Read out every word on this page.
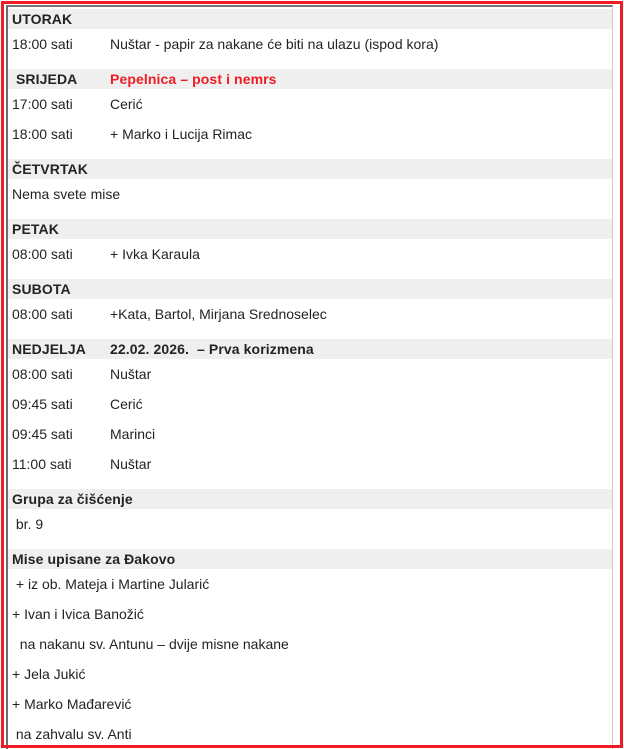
UTORAK
18:00 sati	Nuštar - papir za nakane će biti na ulazu (ispod kora)
SRIJEDA	Pepelnica – post i nemrs
17:00 sati	Cerić
18:00 sati	+ Marko i Lucija Rimac
ČETVRTAK
Nema svete mise
PETAK
08:00 sati	+ Ivka Karaula
SUBOTA
08:00 sati	+Kata, Bartol, Mirjana Srednoselec
NEDJELJA	22.02. 2026.  – Prva korizmena
08:00 sati	Nuštar
09:45 sati	Cerić
09:45 sati	Marinci
11:00 sati	Nuštar
Grupa za čišćenje
br. 9
Mise upisane za Đakovo
+ iz ob. Mateja i Martine Jularić
+ Ivan i Ivica Banožić
na nakanu sv. Antunu – dvije misne nakane
+ Jela Jukić
+ Marko Mađarević
na zahvalu sv. Anti
